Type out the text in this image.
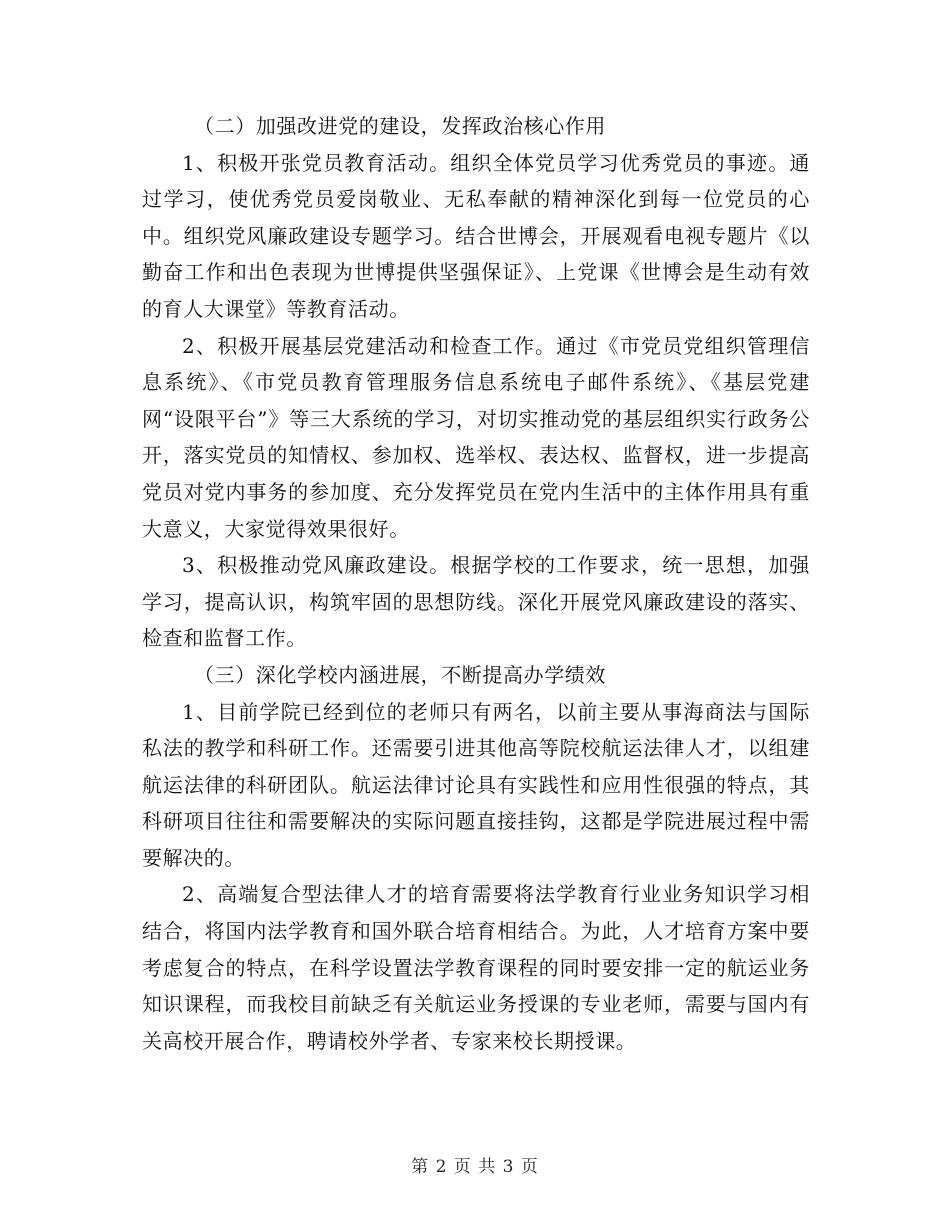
（二）加强改进党的建设，发挥政治核心作用

1、积极开张党员教育活动。组织全体党员学习优秀党员的事迹。通过学习，使优秀党员爱岗敬业、无私奉献的精神深化到每一位党员的心中。组织党风廉政建设专题学习。结合世博会，开展观看电视专题片《以勤奋工作和出色表现为世博提供坚强保证》、上党课《世博会是生动有效的育人大课堂》等教育活动。

2、积极开展基层党建活动和检查工作。通过《市党员党组织管理信息系统》、《市党员教育管理服务信息系统电子邮件系统》、《基层党建网“设限平台”》等三大系统的学习，对切实推动党的基层组织实行政务公开，落实党员的知情权、参加权、选举权、表达权、监督权，进一步提高党员对党内事务的参加度、充分发挥党员在党内生活中的主体作用具有重大意义，大家觉得效果很好。

3、积极推动党风廉政建设。根据学校的工作要求，统一思想，加强学习，提高认识，构筑牢固的思想防线。深化开展党风廉政建设的落实、检查和监督工作。

（三）深化学校内涵进展，不断提高办学绩效

1、目前学院已经到位的老师只有两名，以前主要从事海商法与国际私法的教学和科研工作。还需要引进其他高等院校航运法律人才，以组建航运法律的科研团队。航运法律讨论具有实践性和应用性很强的特点，其科研项目往往和需要解决的实际问题直接挂钩，这都是学院进展过程中需要解决的。

2、高端复合型法律人才的培育需要将法学教育行业业务知识学习相结合，将国内法学教育和国外联合培育相结合。为此，人才培育方案中要考虑复合的特点，在科学设置法学教育课程的同时要安排一定的航运业务知识课程，而我校目前缺乏有关航运业务授课的专业老师，需要与国内有关高校开展合作，聘请校外学者、专家来校长期授课。

第 2 页 共 3 页
